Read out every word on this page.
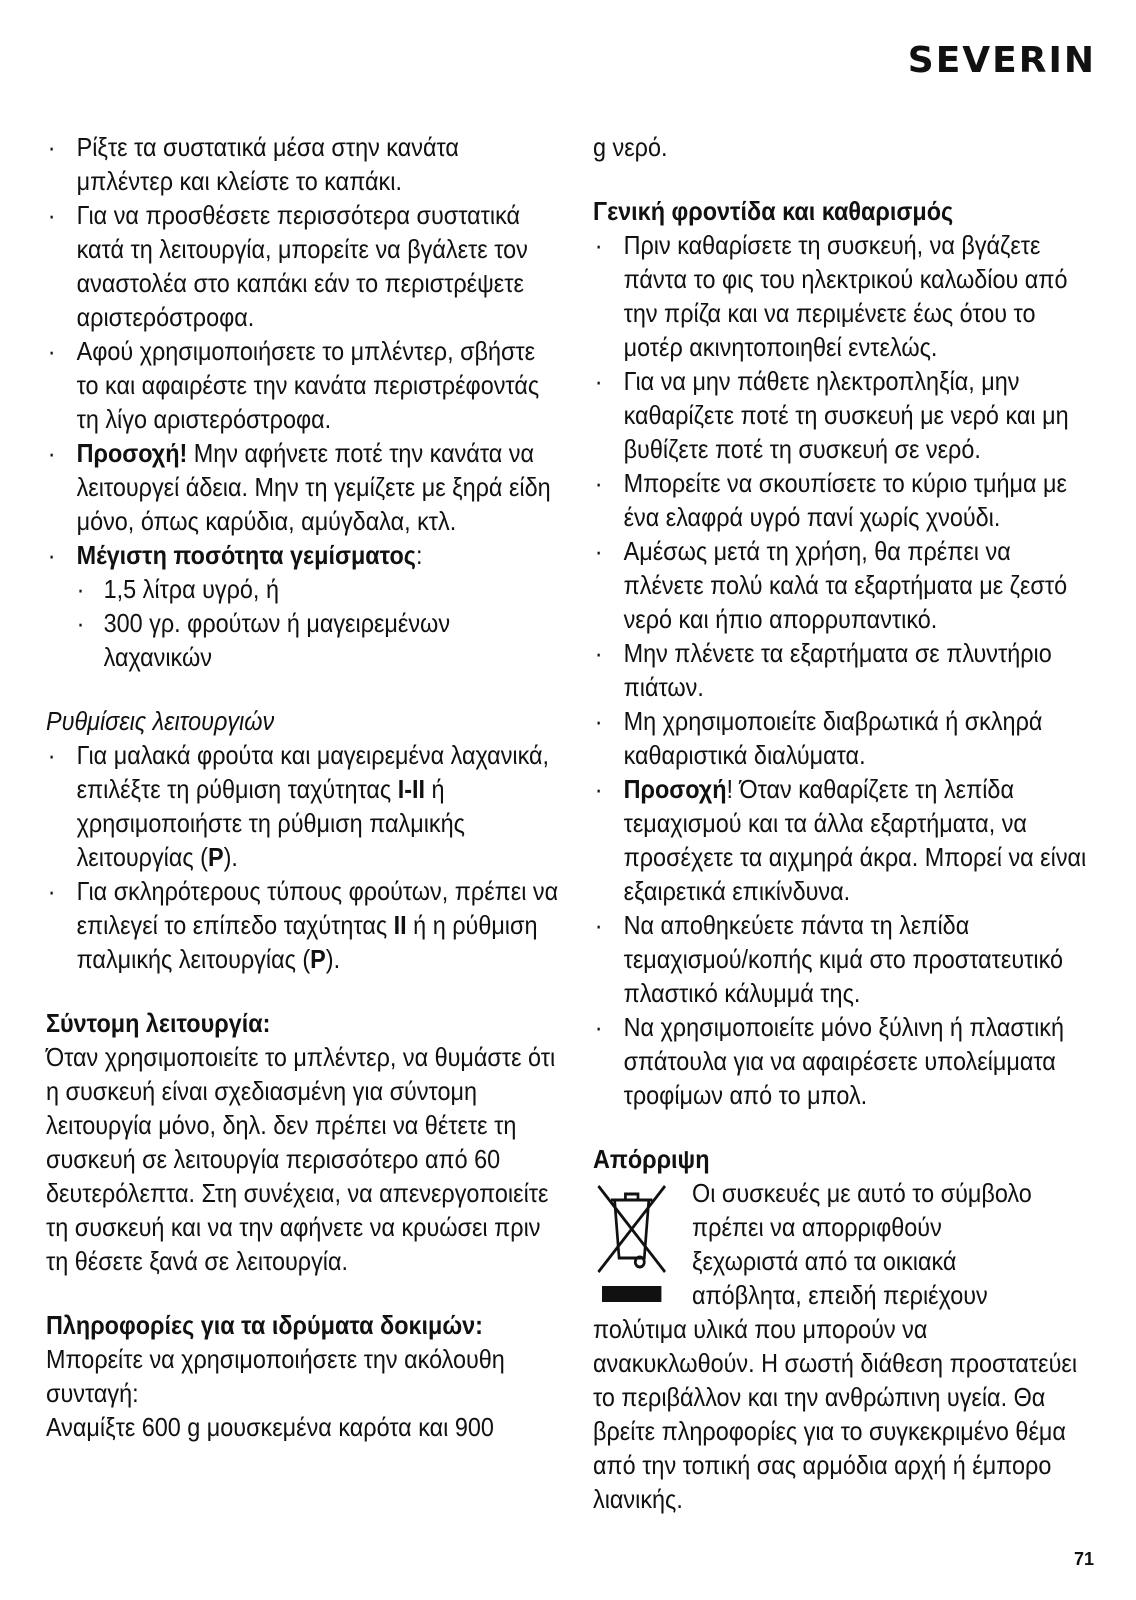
SEVERIN

· Ρίξτε τα συστατικά μέσα στην κανάτα μπλέντερ και κλείστε το καπάκι.

· Για να προσθέσετε περισσότερα συστατικά κατά τη λειτουργία, μπορείτε να βγάλετε τον αναστολέα στο καπάκι εάν το περιστρέψετε αριστερόστροφα.

· Αφού χρησιμοποιήσετε το μπλέντερ, σβήστε το και αφαιρέστε την κανάτα περιστρέφοντάς τη λίγο αριστερόστροφα.

· Προσοχή! Μην αφήνετε ποτέ την κανάτα να λειτουργεί άδεια. Μην τη γεμίζετε με ξηρά είδη μόνο, όπως καρύδια, αμύγδαλα, κτλ.

· Μέγιστη ποσότητα γεμίσματος:

· 1,5 λίτρα υγρό, ή

· 300 γρ. φρούτων ή μαγειρεμένων λαχανικών

Ρυθμίσεις λειτουργιών

· Για μαλακά φρούτα και μαγειρεμένα λαχανικά, επιλέξτε τη ρύθμιση ταχύτητας I-II ή χρησιμοποιήστε τη ρύθμιση παλμικής λειτουργίας (P).

· Για σκληρότερους τύπους φρούτων, πρέπει να επιλεγεί το επίπεδο ταχύτητας II ή η ρύθμιση παλμικής λειτουργίας (P).

Σύντομη λειτουργία:

Όταν χρησιμοποιείτε το μπλέντερ, να θυμάστε ότι η συσκευή είναι σχεδιασμένη για σύντομη λειτουργία μόνο, δηλ. δεν πρέπει να θέτετε τη συσκευή σε λειτουργία περισσότερο από 60 δευτερόλεπτα. Στη συνέχεια, να απενεργοποιείτε τη συσκευή και να την αφήνετε να κρυώσει πριν τη θέσετε ξανά σε λειτουργία.

Πληροφορίες για τα ιδρύματα δοκιμών:

Μπορείτε να χρησιμοποιήσετε την ακόλουθη συνταγή:

Αναμίξτε 600 g μουσκεμένα καρότα και 900

g νερό.

Γενική φροντίδα και καθαρισμός

· Πριν καθαρίσετε τη συσκευή, να βγάζετε πάντα το φις του ηλεκτρικού καλωδίου από την πρίζα και να περιμένετε έως ότου το μοτέρ ακινητοποιηθεί εντελώς.

· Για να μην πάθετε ηλεκτροπληξία, μην καθαρίζετε ποτέ τη συσκευή με νερό και μη βυθίζετε ποτέ τη συσκευή σε νερό.

· Μπορείτε να σκουπίσετε το κύριο τμήμα με ένα ελαφρά υγρό πανί χωρίς χνούδι.

· Αμέσως μετά τη χρήση, θα πρέπει να πλένετε πολύ καλά τα εξαρτήματα με ζεστό νερό και ήπιο απορρυπαντικό.

· Μην πλένετε τα εξαρτήματα σε πλυντήριο πιάτων.

· Μη χρησιμοποιείτε διαβρωτικά ή σκληρά καθαριστικά διαλύματα.

· Προσοχή! Όταν καθαρίζετε τη λεπίδα τεμαχισμού και τα άλλα εξαρτήματα, να προσέχετε τα αιχμηρά άκρα. Μπορεί να είναι εξαιρετικά επικίνδυνα.

· Να αποθηκεύετε πάντα τη λεπίδα τεμαχισμού/κοπής κιμά στο προστατευτικό πλαστικό κάλυμμά της.

· Να χρησιμοποιείτε μόνο ξύλινη ή πλαστική σπάτουλα για να αφαιρέσετε υπολείμματα τροφίμων από το μπολ.

Απόρριψη

Οι συσκευές με αυτό το σύμβολο

πρέπει να απορριφθούν

ξεχωριστά από τα οικιακά

απόβλητα, επειδή περιέχουν

πολύτιμα υλικά που μπορούν να ανακυκλωθούν. Η σωστή διάθεση προστατεύει το περιβάλλον και την ανθρώπινη υγεία. Θα βρείτε πληροφορίες για το συγκεκριμένο θέμα από την τοπική σας αρμόδια αρχή ή έμπορο λιανικής.

71
